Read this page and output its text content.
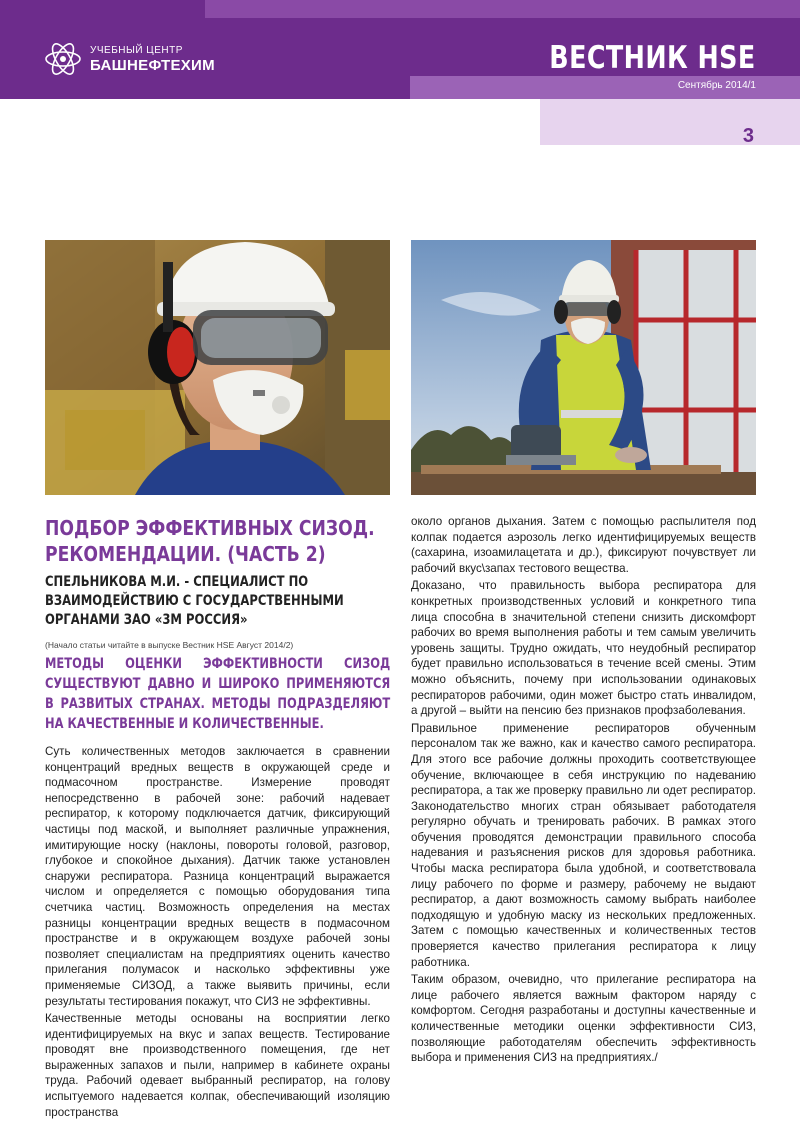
УЧЕБНЫЙ ЦЕНТР
БАШНЕФТЕХИМ	ВЕСТНИК HSE
Сентябрь 2014/1
3
ПОДБОР ЭФФЕКТИВНЫХ СИЗОД. РЕКОМЕНДАЦИИ. (ЧАСТЬ 2)
СПЕЛЬНИКОВА М.И. - СПЕЦИАЛИСТ ПО ВЗАИМОДЕЙСТВИЮ С ГОСУДАРСТВЕННЫМИ ОРГАНАМИ ЗАО «3М РОССИЯ»
(Начало статьи читайте в выпуске Вестник HSE Август 2014/2)
МЕТОДЫ ОЦЕНКИ ЭФФЕКТИВНОСТИ СИЗОД СУЩЕСТВУЮТ ДАВНО И ШИРОКО ПРИМЕНЯЮТСЯ В РАЗВИТЫХ СТРАНАХ. МЕТОДЫ ПОДРАЗДЕЛЯЮТ НА КАЧЕСТВЕННЫЕ И КОЛИЧЕСТВЕННЫЕ.

Суть количественных методов заключается в сравнении концентраций вредных веществ в окружающей среде и подмасочном пространстве. Измерение проводят непосредственно в рабочей зоне: рабочий надевает респиратор, к которому подключается датчик, фиксирующий частицы под маской, и выполняет различные упражнения, имитирующие носку (наклоны, повороты головой, разговор, глубокое и спокойное дыхания). Датчик также установлен снаружи респиратора. Разница концентраций выражается числом и определяется с помощью оборудования типа счетчика частиц. Возможность определения на местах разницы концентрации вредных веществ в подмасочном пространстве и в окружающем воздухе рабочей зоны позволяет специалистам на предприятиях оценить качество прилегания полумасок и насколько эффективны уже применяемые СИЗОД, а также выявить причины, если результаты тестирования покажут, что СИЗ не эффективны.

Качественные методы основаны на восприятии легко идентифицируемых на вкус и запах веществ. Тестирование проводят вне производственного помещения, где нет выраженных запахов и пыли, например в кабинете охраны труда. Рабочий одевает выбранный респиратор, на голову испытуемого надевается колпак, обеспечивающий изоляцию пространства

около органов дыхания. Затем с помощью распылителя под колпак подается аэрозоль легко идентифицируемых веществ (сахарина, изоамилацетата и др.), фиксируют почувствует ли рабочий вкус\запах тестового вещества.

Доказано, что правильность выбора респиратора для конкретных производственных условий и конкретного типа лица способна в значительной степени снизить дискомфорт рабочих во время выполнения работы и тем самым увеличить уровень защиты. Трудно ожидать, что неудобный респиратор будет правильно использоваться в течение всей смены. Этим можно объяснить, почему при использовании одинаковых респираторов рабочими, один может быстро стать инвалидом, а другой – выйти на пенсию без признаков профзаболевания.

Правильное применение респираторов обученным персоналом так же важно, как и качество самого респиратора. Для этого все рабочие должны проходить соответствующее обучение, включающее в себя инструкцию по надеванию респиратора, а так же проверку правильно ли одет респиратор. Законодательство многих стран обязывает работодателя регулярно обучать и тренировать рабочих. В рамках этого обучения проводятся демонстрации правильного способа надевания и разъяснения рисков для здоровья работника. Чтобы маска респиратора была удобной, и соответствовала лицу рабочего по форме и размеру, рабочему не выдают респиратор, а дают возможность самому выбрать наиболее подходящую и удобную маску из нескольких предложенных. Затем с помощью качественных и количественных тестов проверяется качество прилегания респиратора к лицу работника.

Таким образом, очевидно, что прилегание респиратора на лице рабочего является важным фактором наряду с комфортом. Сегодня разработаны и доступны качественные и количественные методики оценки эффективности СИЗ, позволяющие работодателям обеспечить эффективность выбора и применения СИЗ на предприятиях./
